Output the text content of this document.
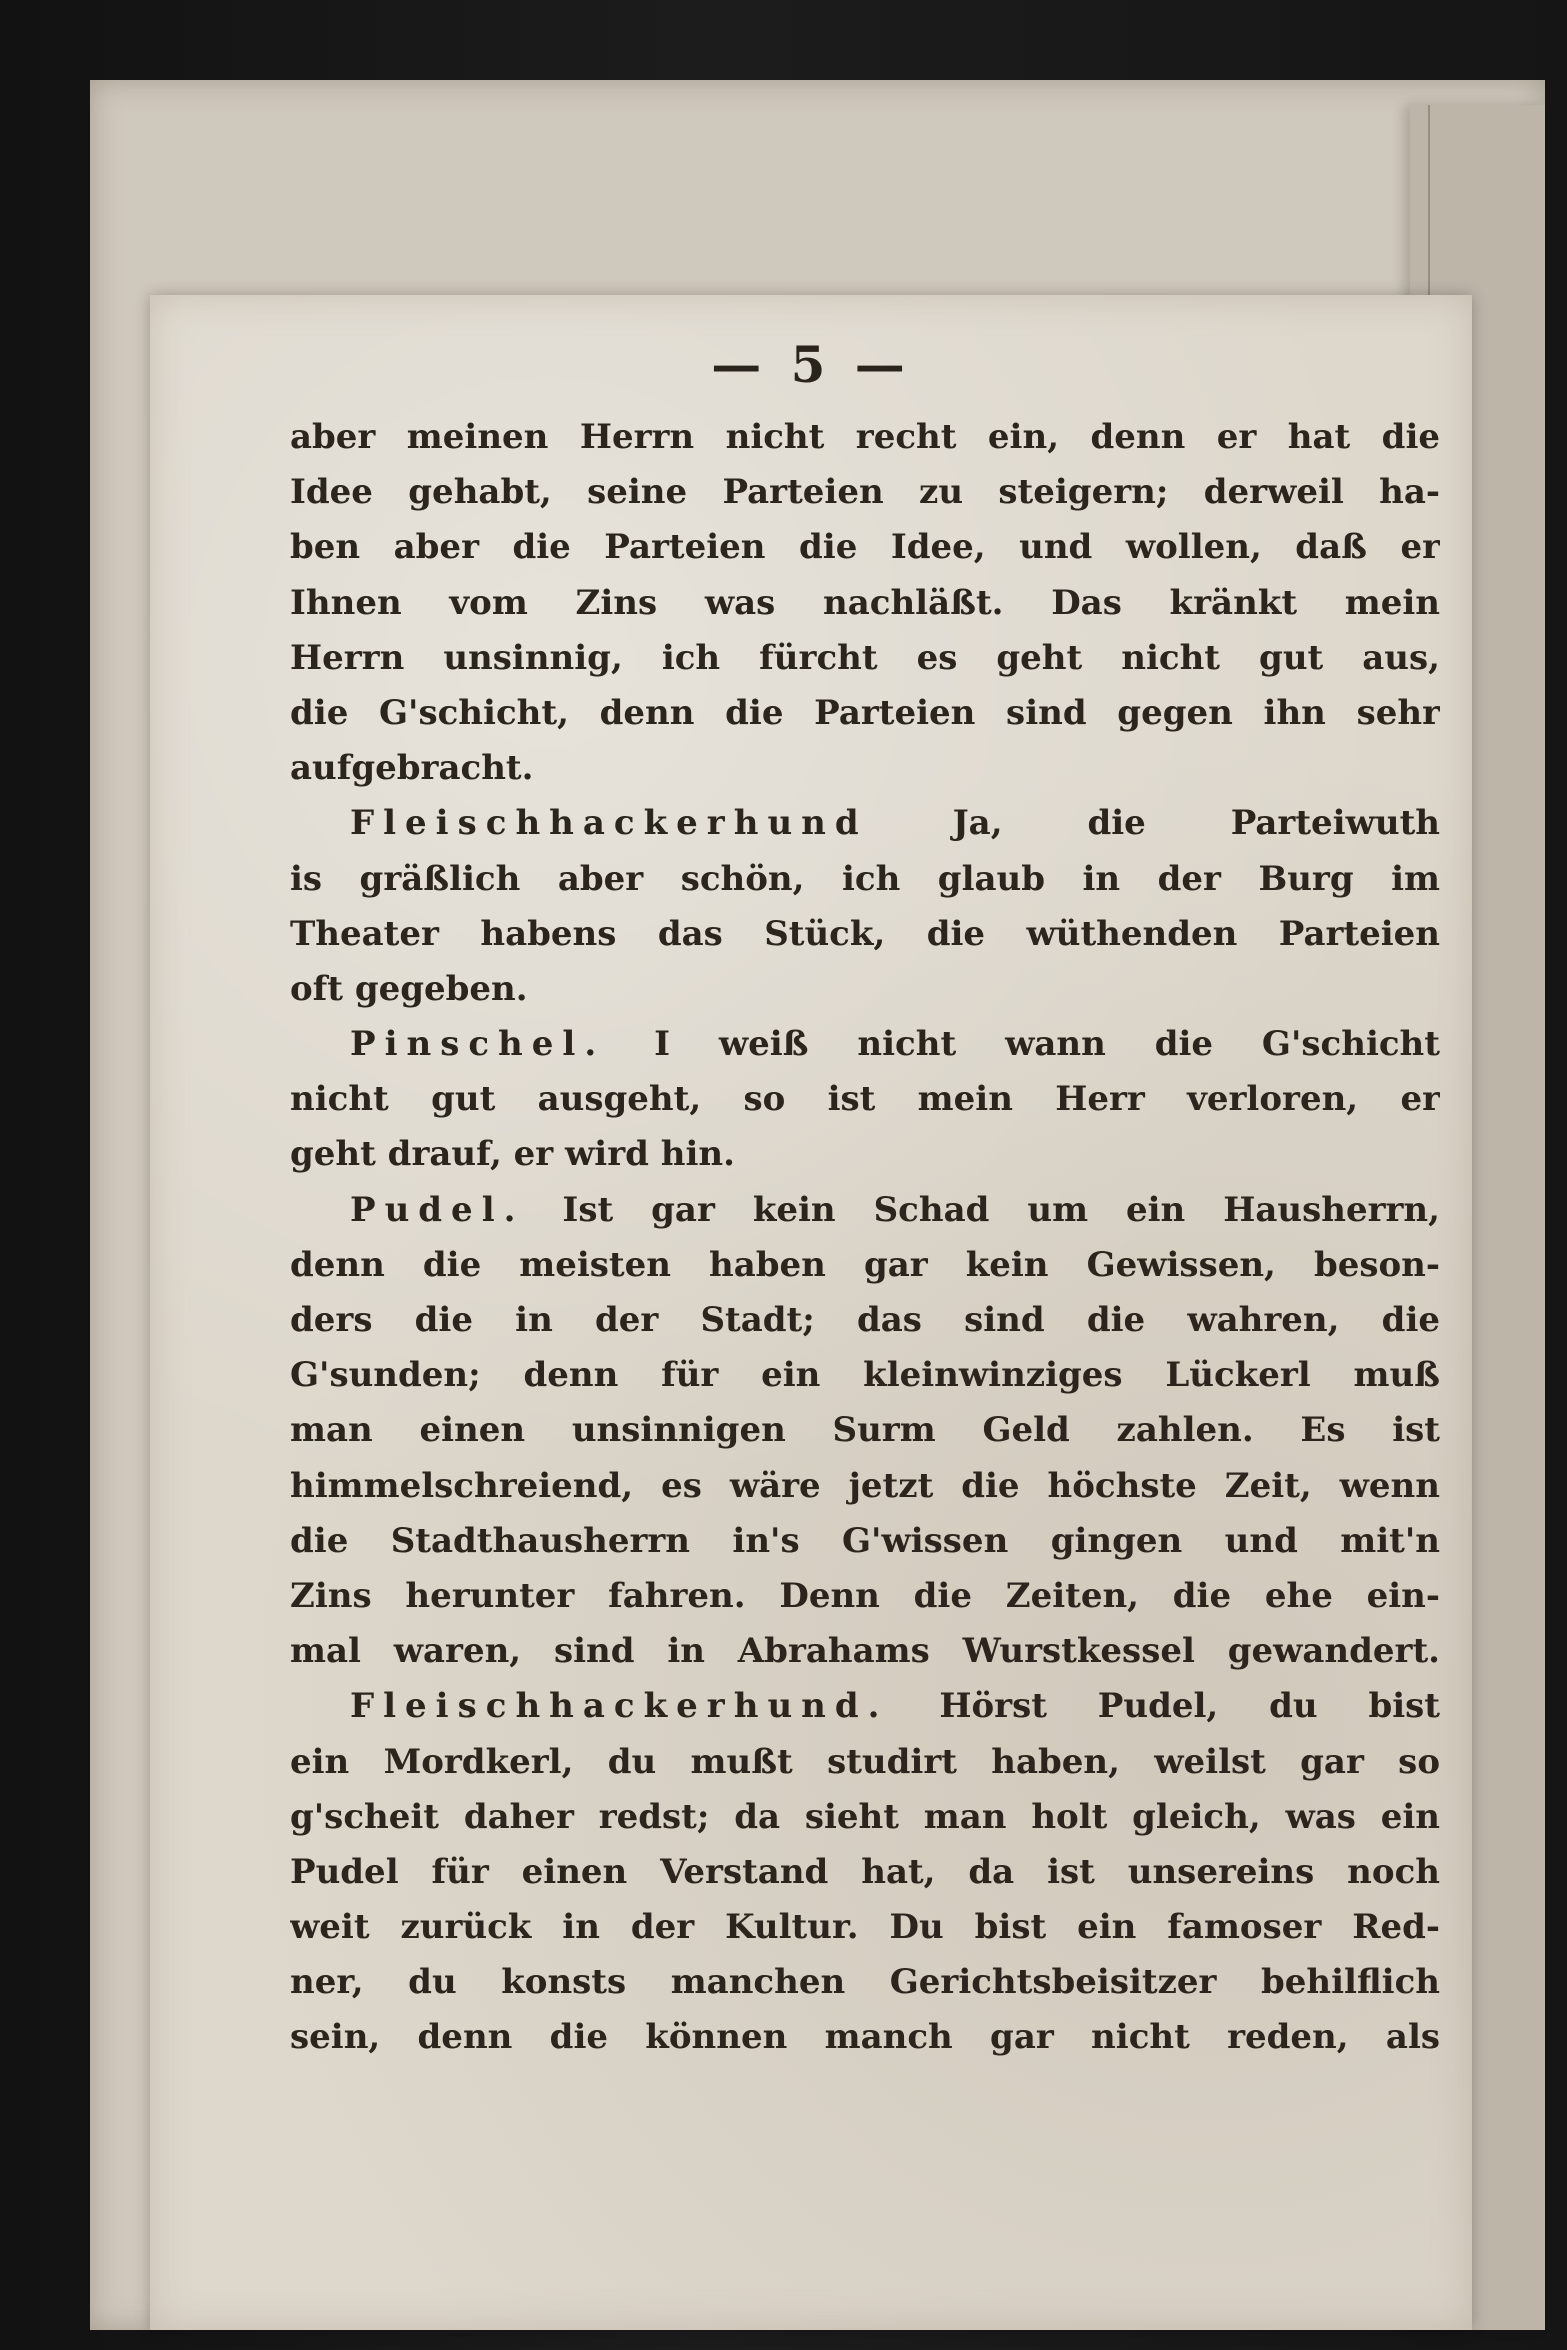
— 5 —
aber meinen Herrn nicht recht ein, denn er hat die
Idee gehabt, seine Parteien zu steigern; derweil ha-
ben aber die Parteien die Idee, und wollen, daß er
Ihnen vom Zins was nachläßt. Das kränkt mein
Herrn unsinnig, ich fürcht es geht nicht gut aus,
die G'schicht, denn die Parteien sind gegen ihn sehr
aufgebracht.
Fleischhackerhund Ja, die Parteiwuth
is gräßlich aber schön, ich glaub in der Burg im
Theater habens das Stück, die wüthenden Parteien
oft gegeben.
Pinschel. I weiß nicht wann die G'schicht
nicht gut ausgeht, so ist mein Herr verloren, er
geht drauf, er wird hin.
Pudel. Ist gar kein Schad um ein Hausherrn,
denn die meisten haben gar kein Gewissen, beson-
ders die in der Stadt; das sind die wahren, die
G'sunden; denn für ein kleinwinziges Lückerl muß
man einen unsinnigen Surm Geld zahlen. Es ist
himmelschreiend, es wäre jetzt die höchste Zeit, wenn
die Stadthausherrn in's G'wissen gingen und mit'n
Zins herunter fahren. Denn die Zeiten, die ehe ein-
mal waren, sind in Abrahams Wurstkessel gewandert.
Fleischhackerhund. Hörst Pudel, du bist
ein Mordkerl, du mußt studirt haben, weilst gar so
g'scheit daher redst; da sieht man holt gleich, was ein
Pudel für einen Verstand hat, da ist unsereins noch
weit zurück in der Kultur. Du bist ein famoser Red-
ner, du konsts manchen Gerichtsbeisitzer behilflich
sein, denn die können manch gar nicht reden, als
